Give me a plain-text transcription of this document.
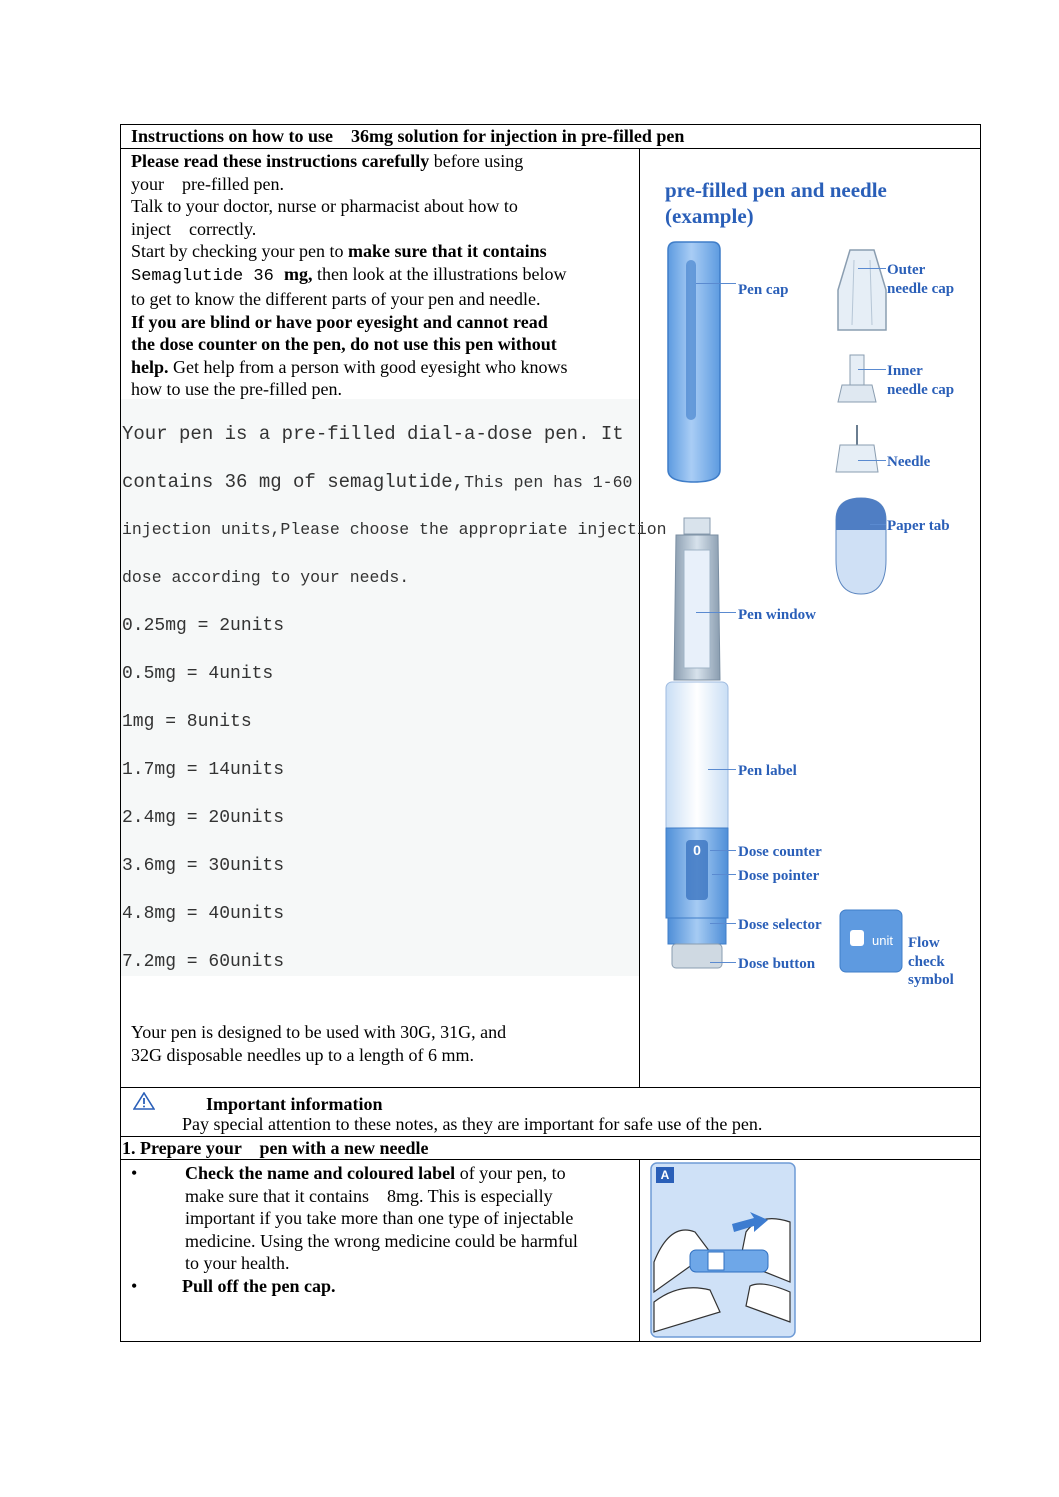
Instructions on how to use    36mg solution for injection in pre-filled pen
Please read these instructions carefully before using
your    pre-filled pen.
Talk to your doctor, nurse or pharmacist about how to
inject    correctly.
Start by checking your pen to make sure that it contains
Semaglutide 36 mg, then look at the illustrations below
to get to know the different parts of your pen and needle.
If you are blind or have poor eyesight and cannot read
the dose counter on the pen, do not use this pen without
help. Get help from a person with good eyesight who knows
how to use the pre-filled pen.
Your pen is a pre-filled dial-a-dose pen. It
contains 36 mg of semaglutide,This pen has 1-60
injection units,Please choose the appropriate injection
dose according to your needs.
0.25mg = 2units
0.5mg = 4units
1mg = 8units
1.7mg = 14units
2.4mg = 20units
3.6mg = 30units
4.8mg = 40units
7.2mg = 60units
Your pen is designed to be used with 30G, 31G, and
32G disposable needles up to a length of 6 mm.
pre-filled pen and needle
(example)
0
unit
Pen cap
Outer
needle cap
Inner
needle cap
Needle
Paper tab
Pen window
Pen label
Dose counter
Dose pointer
Dose selector
Dose button
Flow
check
symbol
Important information
Pay special attention to these notes, as they are important for safe use of the pen.
1. Prepare your    pen with a new needle
•	Check the name and coloured label of your pen, to
make sure that it contains    8mg. This is especially
important if you take more than one type of injectable
medicine. Using the wrong medicine could be harmful
to your health.
• Pull off the pen cap.
A
